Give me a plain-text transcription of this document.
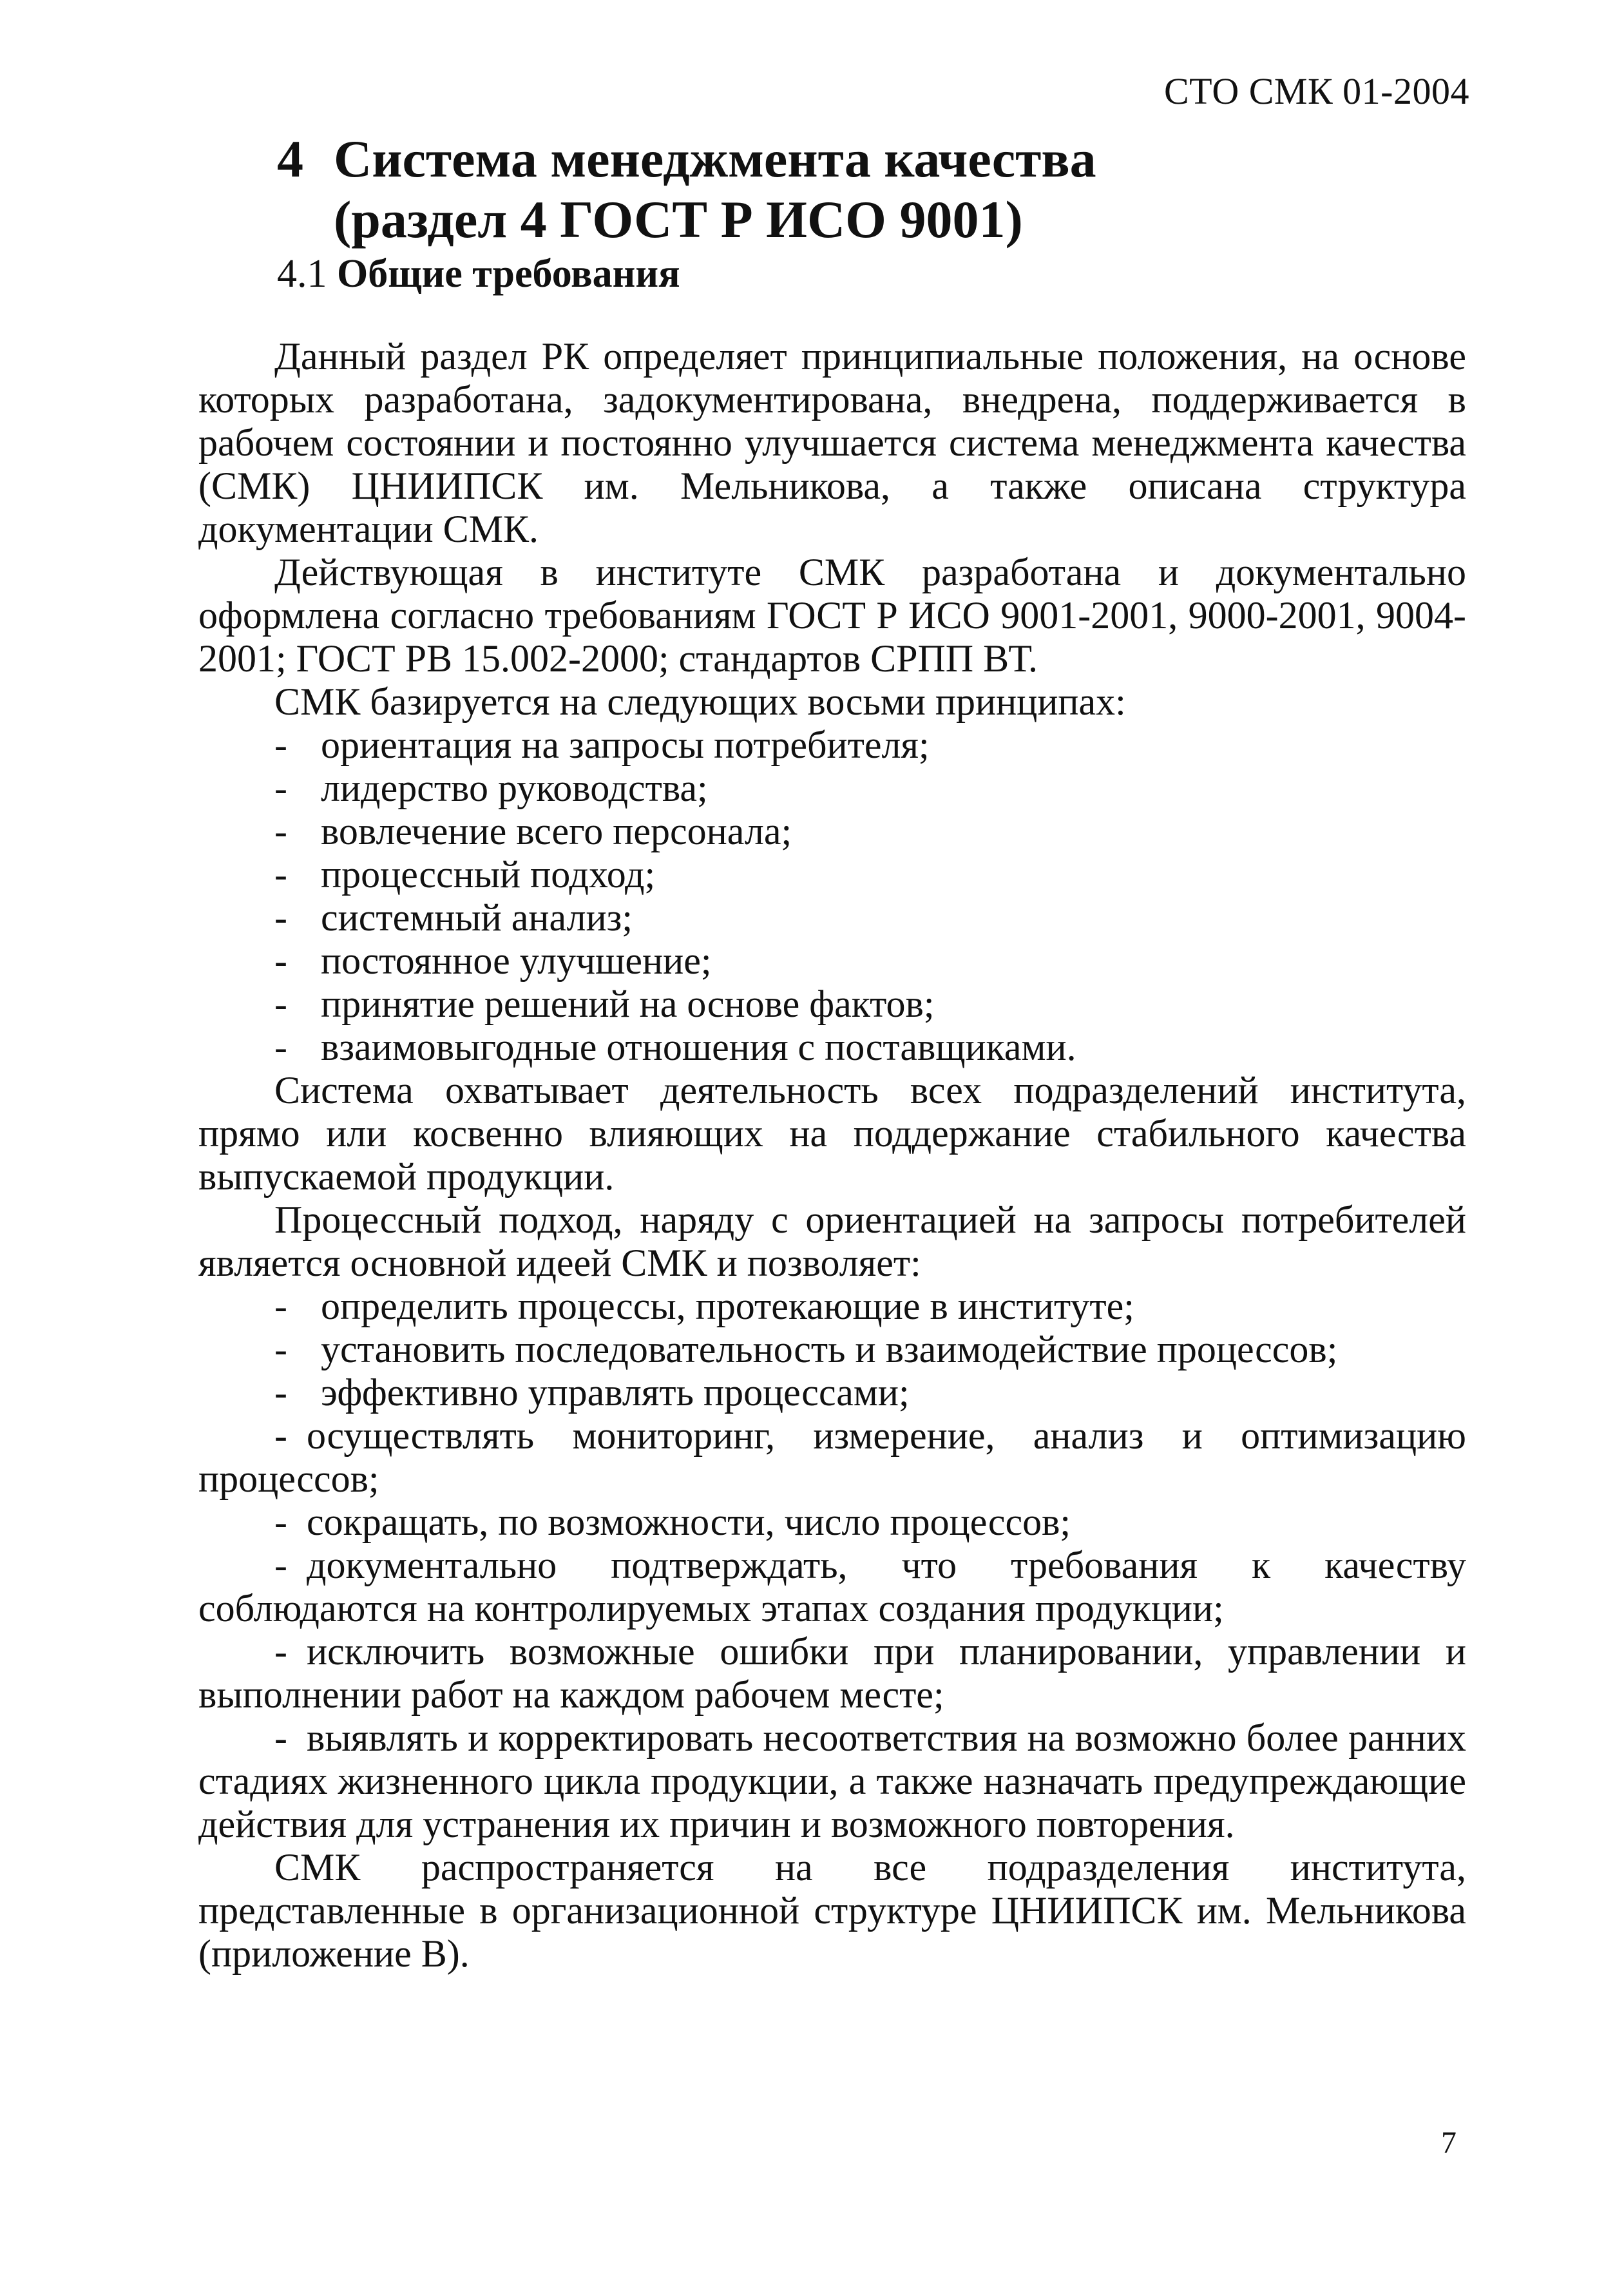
СТО СМК 01-2004
4 Система менеджмента качества
(раздел 4 ГОСТ Р ИСО 9001)
4.1 Общие требования

Данный раздел РК определяет принципиальные положения, на основе которых разработана, задокументирована, внедрена, поддерживается в рабочем состоянии и постоянно улучшается система менеджмента качества (СМК) ЦНИИПСК им. Мельникова, а также описана структура документации СМК.

Действующая в институте СМК разработана и документально оформлена согласно требованиям ГОСТ Р ИСО 9001-2001, 9000-2001, 9004-2001; ГОСТ РВ 15.002-2000; стандартов СРПП ВТ.

СМК базируется на следующих восьми принципах:

- ориентация на запросы потребителя;

- лидерство руководства;

- вовлечение всего персонала;

- процессный подход;

- системный анализ;

- постоянное улучшение;

- принятие решений на основе фактов;

- взаимовыгодные отношения с поставщиками.

Система охватывает деятельность всех подразделений института, прямо или косвенно влияющих на поддержание стабильного качества выпускаемой продукции.

Процессный подход, наряду с ориентацией на запросы потребителей является основной идеей СМК и позволяет:

- определить процессы, протекающие в институте;

- установить последовательность и взаимодействие процессов;

- эффективно управлять процессами;

- осуществлять мониторинг, измерение, анализ и оптимизацию процессов;

- сокращать, по возможности, число процессов;

- документально подтверждать, что требования к качеству соблюдаются на контролируемых этапах создания продукции;

- исключить возможные ошибки при планировании, управлении и выполнении работ на каждом рабочем месте;

- выявлять и корректировать несоответствия на возможно более ранних стадиях жизненного цикла продукции, а также назначать предупреждающие действия для устранения их причин и возможного повторения.

СМК распространяется на все подразделения института, представленные в организационной структуре ЦНИИПСК им. Мельникова (приложение В).

7
